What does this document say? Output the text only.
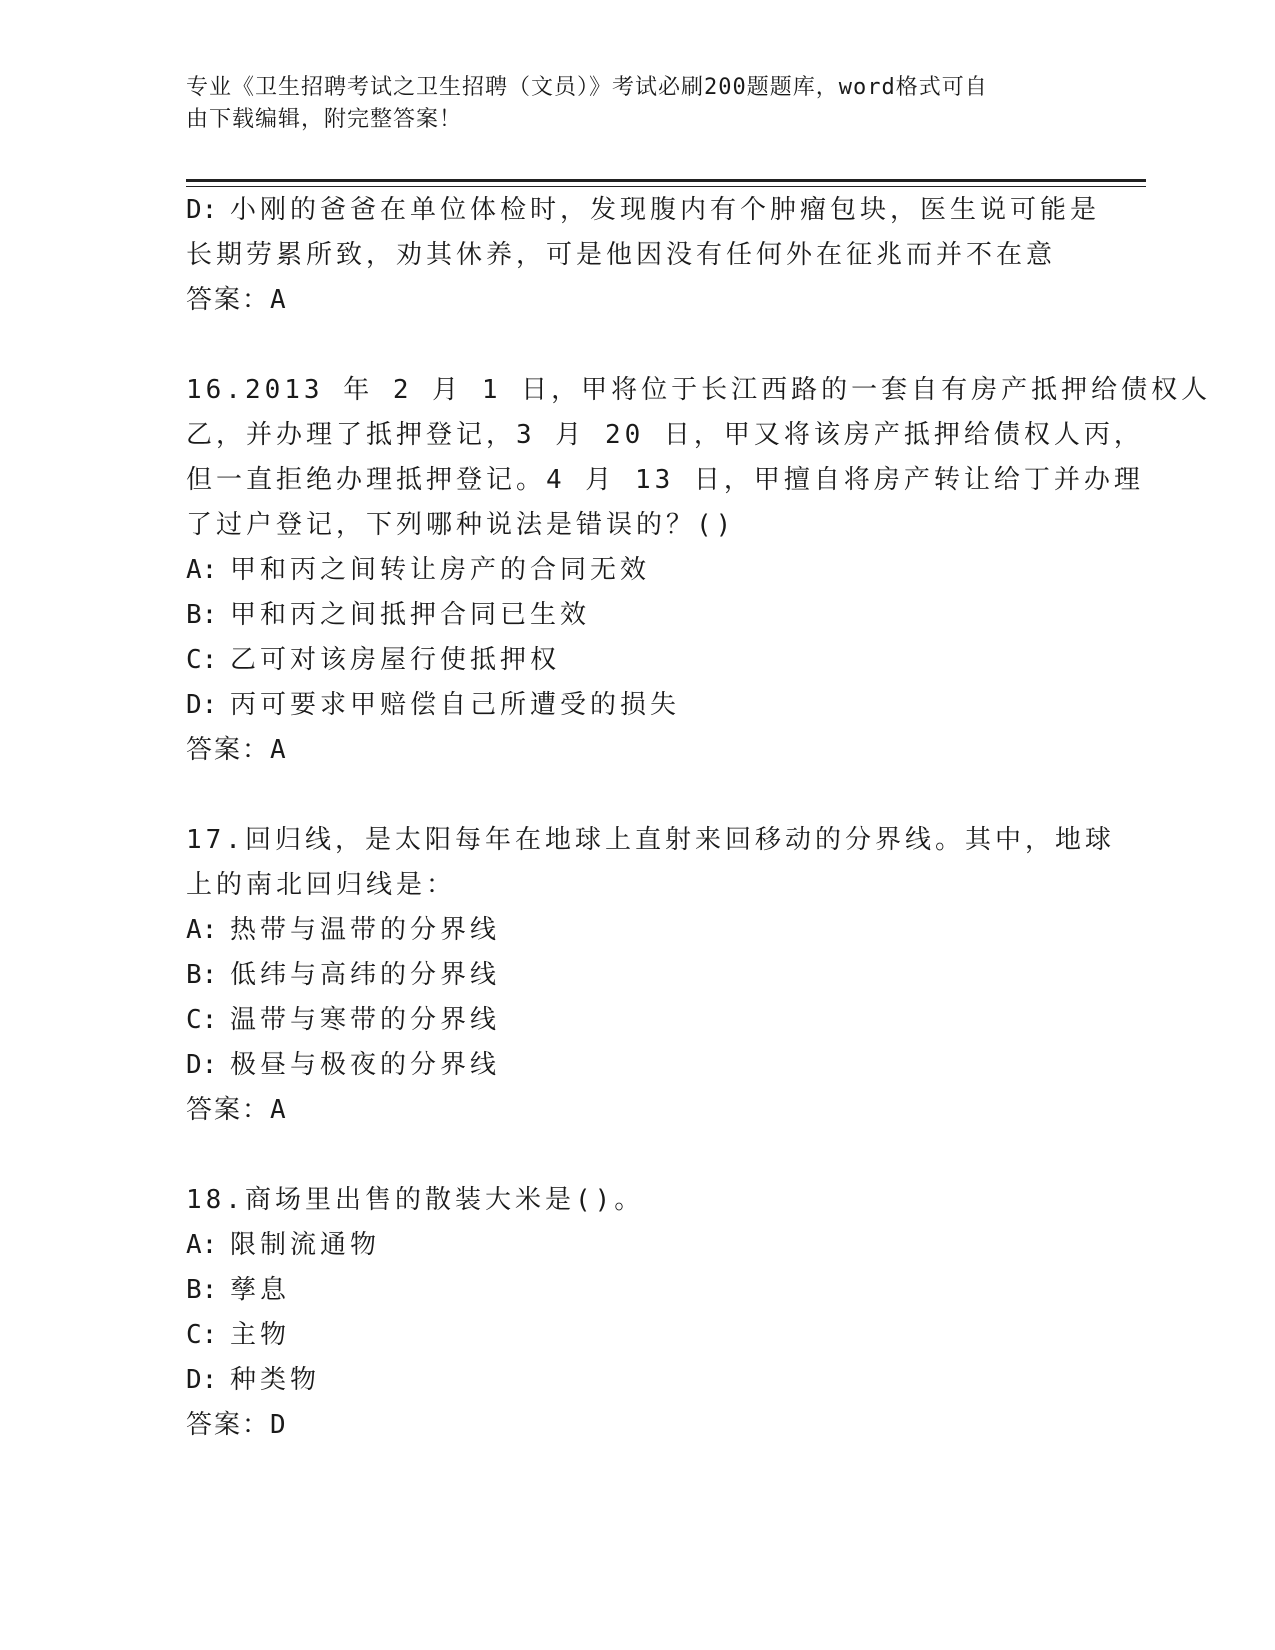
专业《卫生招聘考试之卫生招聘（文员）》考试必刷200题题库，word格式可自
由下载编辑，附完整答案！
D: 小刚的爸爸在单位体检时，发现腹内有个肿瘤包块，医生说可能是
长期劳累所致，劝其休养，可是他因没有任何外在征兆而并不在意
答案：A
16.2013 年 2 月 1 日，甲将位于长江西路的一套自有房产抵押给债权人
乙，并办理了抵押登记，3 月 20 日，甲又将该房产抵押给债权人丙，
但一直拒绝办理抵押登记。4 月 13 日，甲擅自将房产转让给丁并办理
了过户登记，下列哪种说法是错误的？()
A: 甲和丙之间转让房产的合同无效
B: 甲和丙之间抵押合同已生效
C: 乙可对该房屋行使抵押权
D: 丙可要求甲赔偿自己所遭受的损失
答案：A
17.回归线，是太阳每年在地球上直射来回移动的分界线。其中，地球
上的南北回归线是：
A: 热带与温带的分界线
B: 低纬与高纬的分界线
C: 温带与寒带的分界线
D: 极昼与极夜的分界线
答案：A
18.商场里出售的散装大米是()。
A: 限制流通物
B: 孳息
C: 主物
D: 种类物
答案：D
